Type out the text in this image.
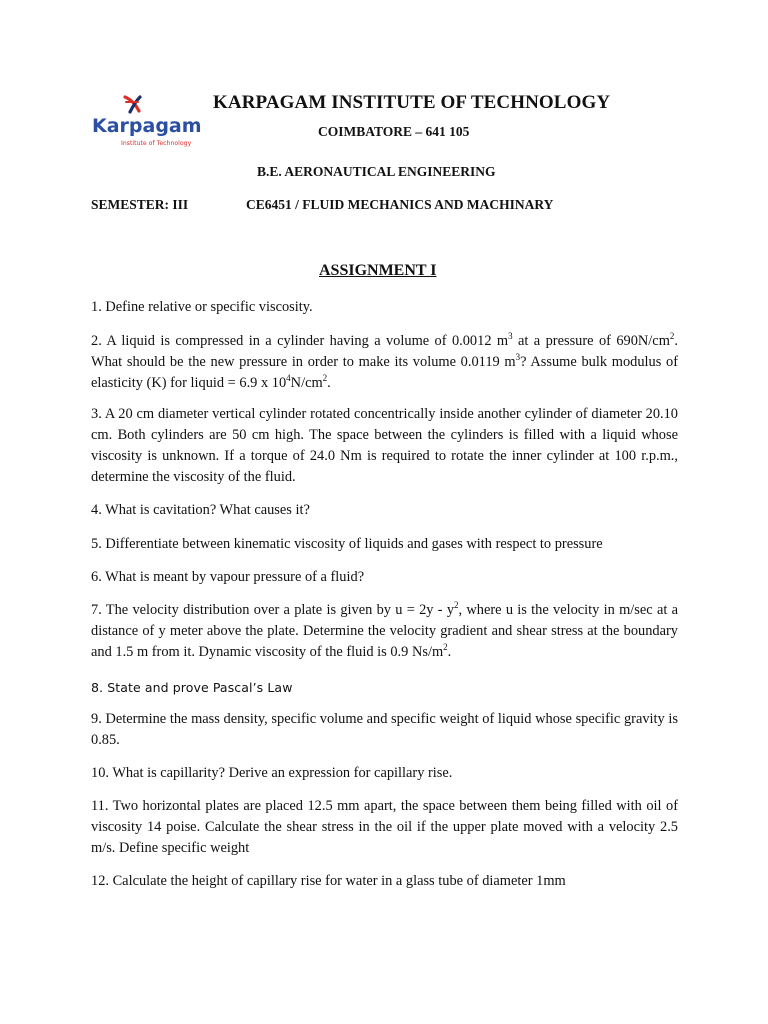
Karpagam
Institute of Technology
KARPAGAM INSTITUTE OF TECHNOLOGY
COIMBATORE – 641 105
B.E. AERONAUTICAL ENGINEERING
SEMESTER: III	CE6451 / FLUID MECHANICS AND MACHINARY
ASSIGNMENT I
1. Define relative or specific viscosity.
2. A liquid is compressed in a cylinder having a volume of 0.0012 $m^3$ at a pressure of $690N/cm^2$. What should be the new pressure in order to make its volume 0.0119 $m^3$? Assume bulk modulus of elasticity (K) for liquid = 6.9 x $10^4N/cm^2$.
3. A 20 cm diameter vertical cylinder rotated concentrically inside another cylinder of diameter 20.10 cm. Both cylinders are 50 cm high. The space between the cylinders is filled with a liquid whose viscosity is unknown. If a torque of 24.0 Nm is required to rotate the inner cylinder at 100 r.p.m., determine the viscosity of the fluid.
4. What is cavitation? What causes it?
5. Differentiate between kinematic viscosity of liquids and gases with respect to pressure
6. What is meant by vapour pressure of a fluid?
7. The velocity distribution over a plate is given by $u = 2y - y^2$, where u is the velocity in m/sec at a distance of y meter above the plate. Determine the velocity gradient and shear stress at the boundary and 1.5 m from it. Dynamic viscosity of the fluid is 0.9 $Ns/m^2$.
8. State and prove Pascal’s Law
9. Determine the mass density, specific volume and specific weight of liquid whose specific gravity is 0.85.
10. What is capillarity? Derive an expression for capillary rise.
11. Two horizontal plates are placed 12.5 mm apart, the space between them being filled with oil of viscosity 14 poise. Calculate the shear stress in the oil if the upper plate moved with a velocity 2.5 m/s. Define specific weight
12. Calculate the height of capillary rise for water in a glass tube of diameter 1mm
